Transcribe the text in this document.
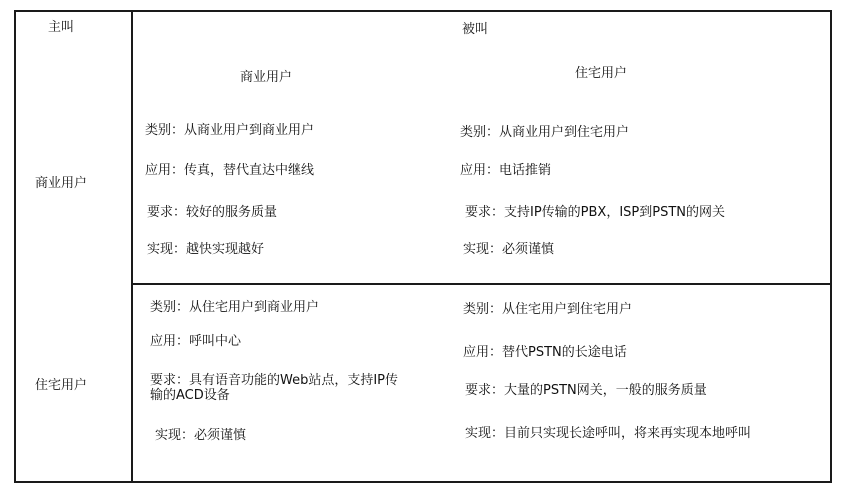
主叫	被叫
商业用户	住宅用户
商业用户
住宅用户
类别：从商业用户到商业用户
应用：传真，替代直达中继线
要求：较好的服务质量
实现：越快实现越好
类别：从商业用户到住宅用户
应用：电话推销
要求：支持IP传输的PBX，ISP到PSTN的网关
实现：必须谨慎
类别：从住宅用户到商业用户
应用：呼叫中心
要求：具有语音功能的Web站点，支持IP传输的ACD设备
实现：必须谨慎
类别：从住宅用户到住宅用户
应用：替代PSTN的长途电话
要求：大量的PSTN网关，一般的服务质量
实现：目前只实现长途呼叫，将来再实现本地呼叫
